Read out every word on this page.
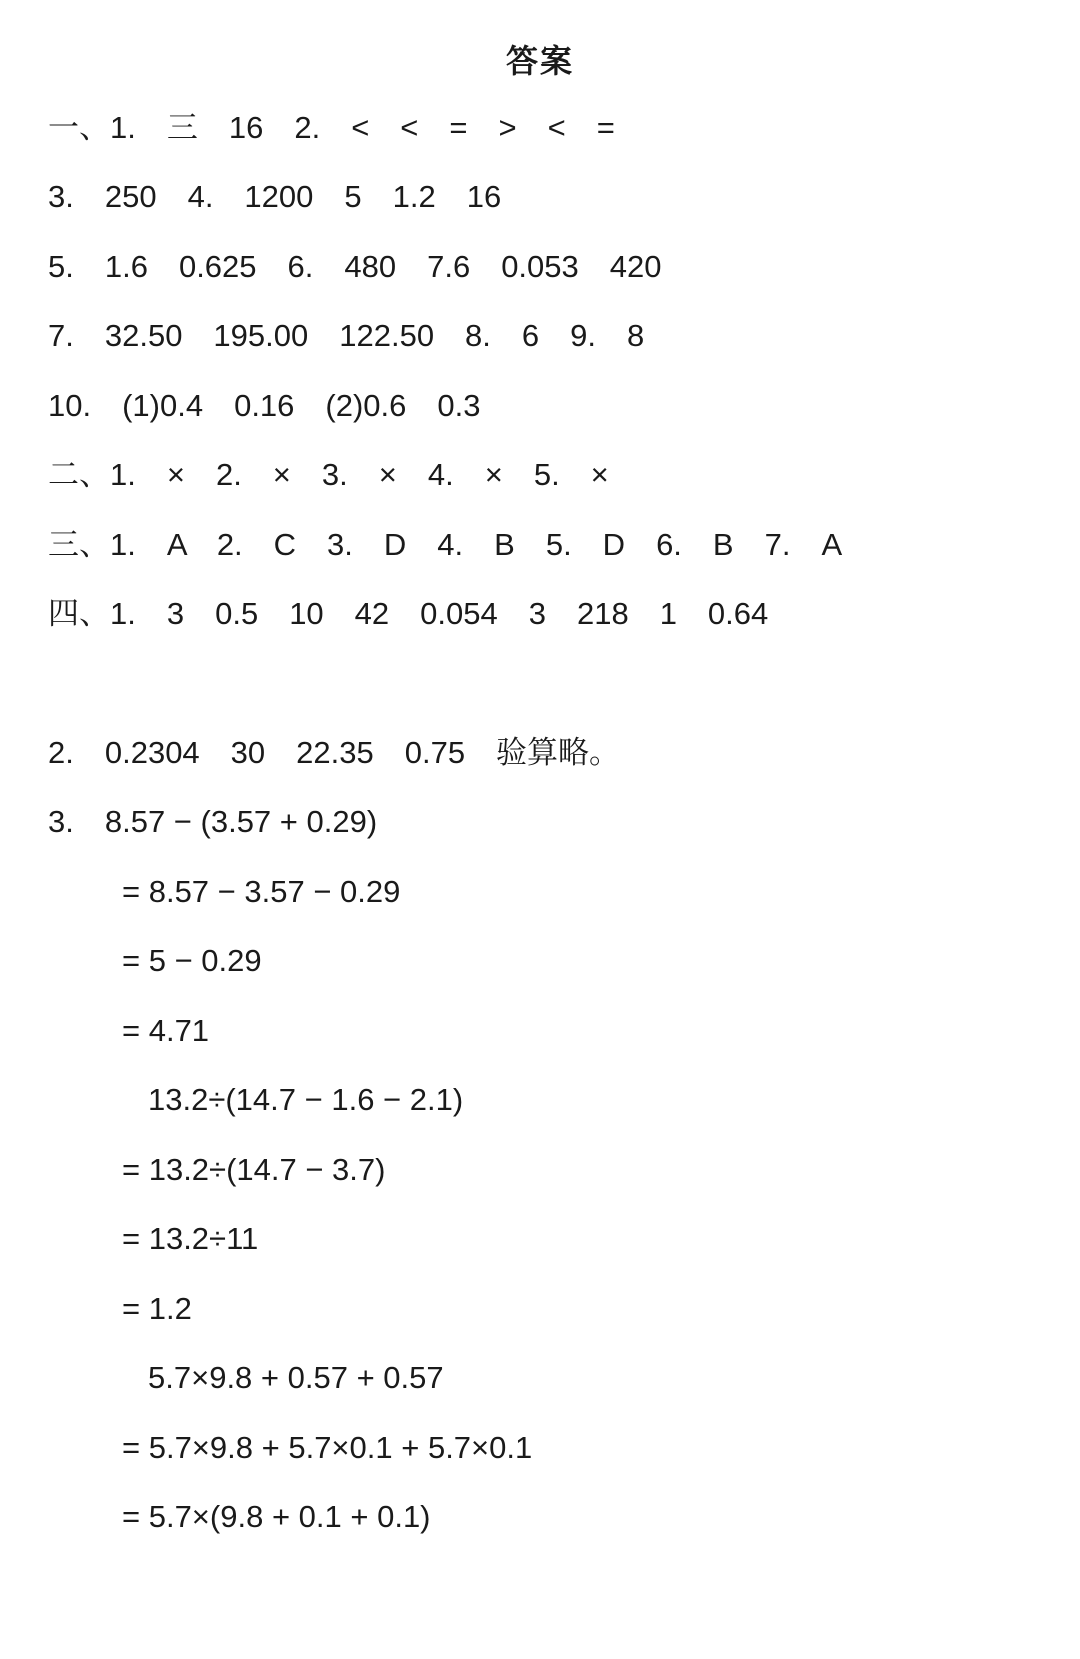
答案
一、1.　三　16　2.　<　<　=　>　<　=
3.　250　4.　1200　5　1.2　16
5.　1.6　0.625　6.　480　7.6　0.053　420
7.　32.50　195.00　122.50　8.　6　9.　8
10.　(1)0.4　0.16　(2)0.6　0.3
二、1.　×　2.　×　3.　×　4.　×　5.　×
三、1.　A　2.　C　3.　D　4.　B　5.　D　6.　B　7.　A
四、1.　3　0.5　10　42　0.054　3　218　1　0.64
2.　0.2304　30　22.35　0.75　验算略。
3.　8.57 − (3.57 + 0.29)
= 8.57 − 3.57 − 0.29
= 5 − 0.29
= 4.71
13.2÷(14.7 − 1.6 − 2.1)
= 13.2÷(14.7 − 3.7)
= 13.2÷11
= 1.2
5.7×9.8 + 0.57 + 0.57
= 5.7×9.8 + 5.7×0.1 + 5.7×0.1
= 5.7×(9.8 + 0.1 + 0.1)
